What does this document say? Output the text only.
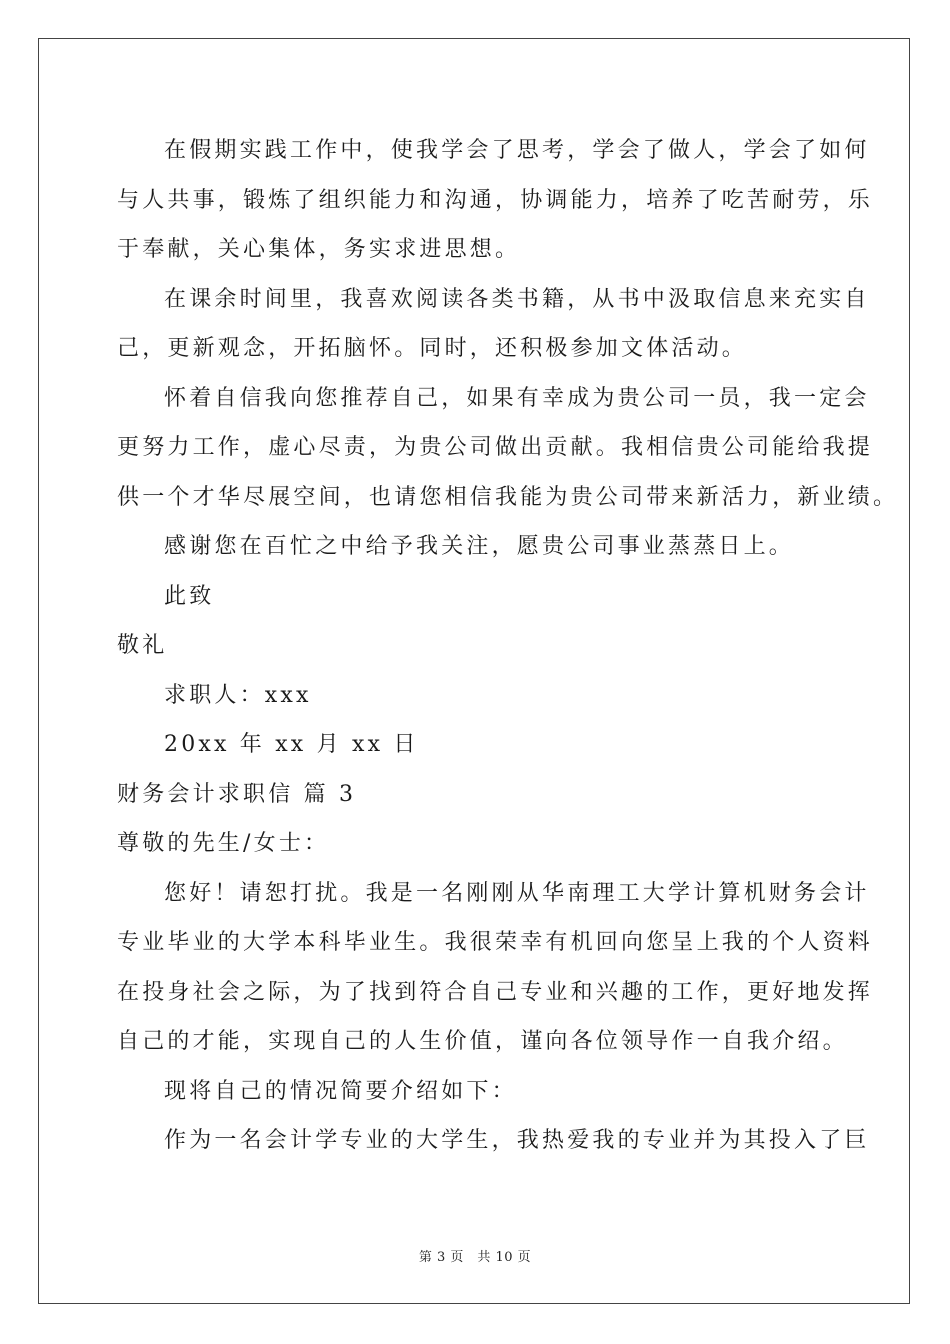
在假期实践工作中，使我学会了思考，学会了做人，学会了如何
与人共事，锻炼了组织能力和沟通，协调能力，培养了吃苦耐劳，乐
于奉献，关心集体，务实求进思想。
在课余时间里，我喜欢阅读各类书籍，从书中汲取信息来充实自
己，更新观念，开拓脑怀。同时，还积极参加文体活动。
怀着自信我向您推荐自己，如果有幸成为贵公司一员，我一定会
更努力工作，虚心尽责，为贵公司做出贡献。我相信贵公司能给我提
供一个才华尽展空间，也请您相信我能为贵公司带来新活力，新业绩。
感谢您在百忙之中给予我关注，愿贵公司事业蒸蒸日上。
此致
敬礼
求职人：xxx
20xx 年 xx 月 xx 日
财务会计求职信 篇 3
尊敬的先生/女士：
您好！请恕打扰。我是一名刚刚从华南理工大学计算机财务会计
专业毕业的大学本科毕业生。我很荣幸有机回向您呈上我的个人资料
在投身社会之际，为了找到符合自己专业和兴趣的工作，更好地发挥
自己的才能，实现自己的人生价值，谨向各位领导作一自我介绍。
现将自己的情况简要介绍如下：
作为一名会计学专业的大学生，我热爱我的专业并为其投入了巨
第 3 页　共 10 页
